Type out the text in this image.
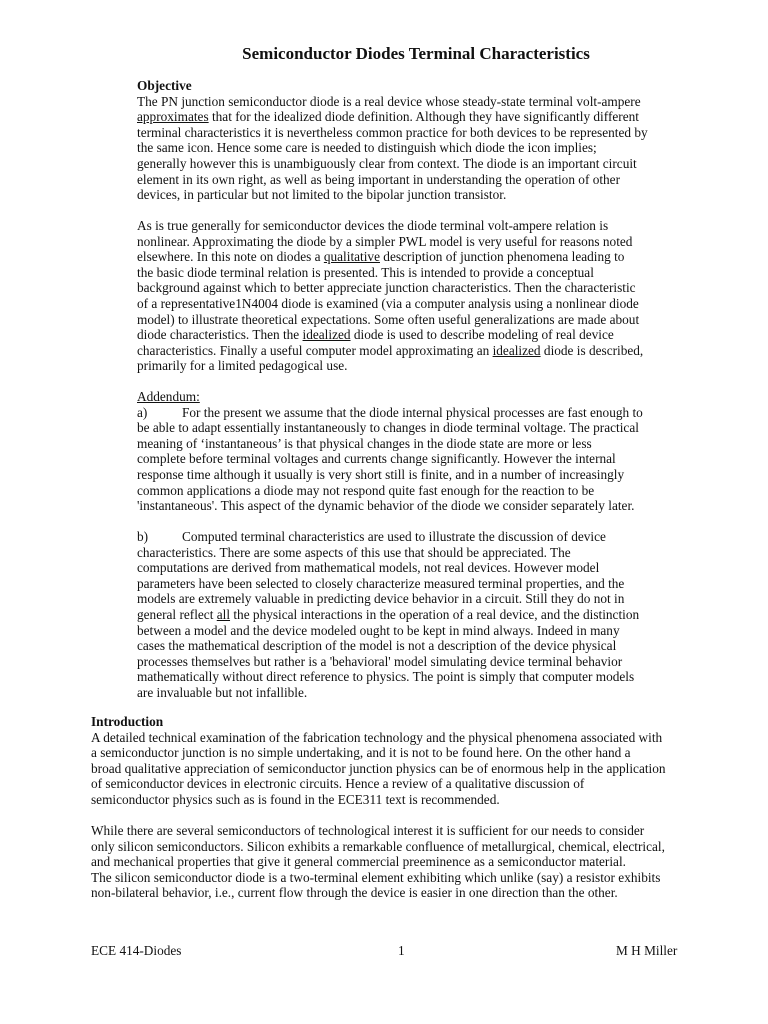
Semiconductor Diodes Terminal Characteristics
Objective
The PN junction semiconductor diode is a real device whose steady-state terminal volt-ampere
approximates that for the idealized diode definition. Although they have significantly different
terminal characteristics it is nevertheless common practice for both devices to be represented by
the same icon. Hence some care is needed to distinguish which diode the icon implies;
generally however this is unambiguously clear from context. The diode is an important circuit
element in its own right, as well as being important in understanding the operation of other
devices, in particular but not limited to the bipolar junction transistor.
As is true generally for semiconductor devices the diode terminal volt-ampere relation is
nonlinear. Approximating the diode by a simpler PWL model is very useful for reasons noted
elsewhere. In this note on diodes a qualitative description of junction phenomena leading to
the basic diode terminal relation is presented. This is intended to provide a conceptual
background against which to better appreciate junction characteristics. Then the characteristic
of a representative1N4004 diode is examined (via a computer analysis using a nonlinear diode
model) to illustrate theoretical expectations. Some often useful generalizations are made about
diode characteristics. Then the idealized diode is used to describe modeling of real device
characteristics. Finally a useful computer model approximating an idealized diode is described,
primarily for a limited pedagogical use.
Addendum:
a)	For the present we assume that the diode internal physical processes are fast enough to
be able to adapt essentially instantaneously to changes in diode terminal voltage. The practical
meaning of ‘instantaneous’ is that physical changes in the diode state are more or less
complete before terminal voltages and currents change significantly. However the internal
response time although it usually is very short still is finite, and in a number of increasingly
common applications a diode may not respond quite fast enough for the reaction to be
'instantaneous'. This aspect of the dynamic behavior of the diode we consider separately later.
b)	Computed terminal characteristics are used to illustrate the discussion of device
characteristics. There are some aspects of this use that should be appreciated. The
computations are derived from mathematical models, not real devices. However model
parameters have been selected to closely characterize measured terminal properties, and the
models are extremely valuable in predicting device behavior in a circuit. Still they do not in
general reflect all the physical interactions in the operation of a real device, and the distinction
between a model and the device modeled ought to be kept in mind always. Indeed in many
cases the mathematical description of the model is not a description of the device physical
processes themselves but rather is a 'behavioral' model simulating device terminal behavior
mathematically without direct reference to physics. The point is simply that computer models
are invaluable but not infallible.
Introduction
A detailed technical examination of the fabrication technology and the physical phenomena associated with
a semiconductor junction is no simple undertaking, and it is not to be found here. On the other hand a
broad qualitative appreciation of semiconductor junction physics can be of enormous help in the application
of semiconductor devices in electronic circuits. Hence a review of a qualitative discussion of
semiconductor physics such as is found in the ECE311 text is recommended.
While there are several semiconductors of technological interest it is sufficient for our needs to consider
only silicon semiconductors. Silicon exhibits a remarkable confluence of metallurgical, chemical, electrical,
and mechanical properties that give it general commercial preeminence as a semiconductor material.
The silicon semiconductor diode is a two-terminal element exhibiting which unlike (say) a resistor exhibits
non-bilateral behavior, i.e., current flow through the device is easier in one direction than the other.
ECE 414-Diodes	1	M H Miller
